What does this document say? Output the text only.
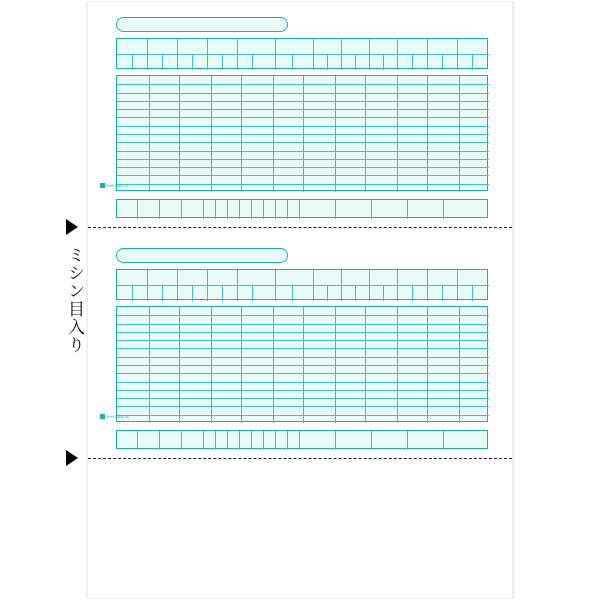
YOSHIKAWA-01
YOSHIKAWA-01
ミシン目入り
